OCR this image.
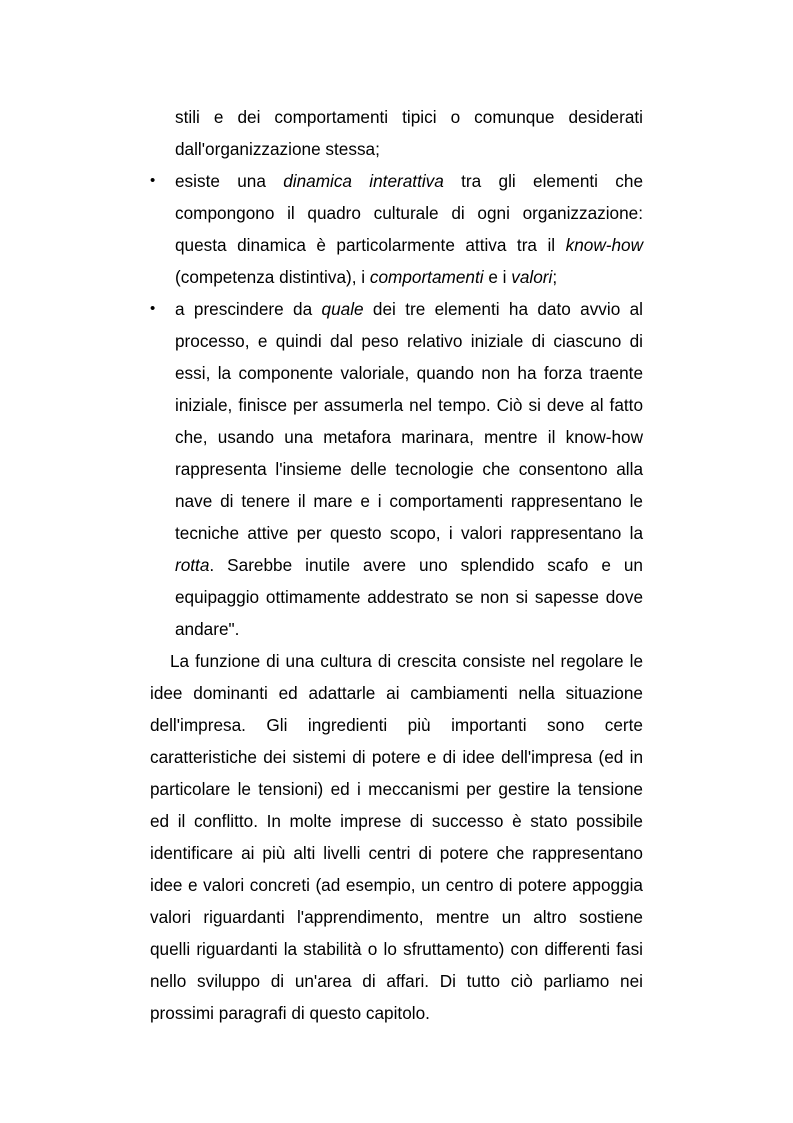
stili e dei comportamenti tipici o comunque desiderati
dall'organizzazione stessa;
• esiste una dinamica interattiva tra gli elementi che
compongono il quadro culturale di ogni organizzazione:
questa dinamica è particolarmente attiva tra il know-how
(competenza distintiva), i comportamenti e i valori;
• a prescindere da quale dei tre elementi ha dato avvio al
processo, e quindi dal peso relativo iniziale di ciascuno di
essi, la componente valoriale, quando non ha forza traente
iniziale, finisce per assumerla nel tempo. Ciò si deve al fatto
che, usando una metafora marinara, mentre il know-how
rappresenta l'insieme delle tecnologie che consentono alla
nave di tenere il mare e i comportamenti rappresentano le
tecniche attive per questo scopo, i valori rappresentano la
rotta. Sarebbe inutile avere uno splendido scafo e un
equipaggio ottimamente addestrato se non si sapesse dove
andare".
La funzione di una cultura di crescita consiste nel regolare le
idee dominanti ed adattarle ai cambiamenti nella situazione
dell'impresa. Gli ingredienti più importanti sono certe
caratteristiche dei sistemi di potere e di idee dell'impresa (ed in
particolare le tensioni) ed i meccanismi per gestire la tensione
ed il conflitto. In molte imprese di successo è stato possibile
identificare ai più alti livelli centri di potere che rappresentano
idee e valori concreti (ad esempio, un centro di potere appoggia
valori riguardanti l'apprendimento, mentre un altro sostiene
quelli riguardanti la stabilità o lo sfruttamento) con differenti fasi
nello sviluppo di un'area di affari. Di tutto ciò parliamo nei
prossimi paragrafi di questo capitolo.
